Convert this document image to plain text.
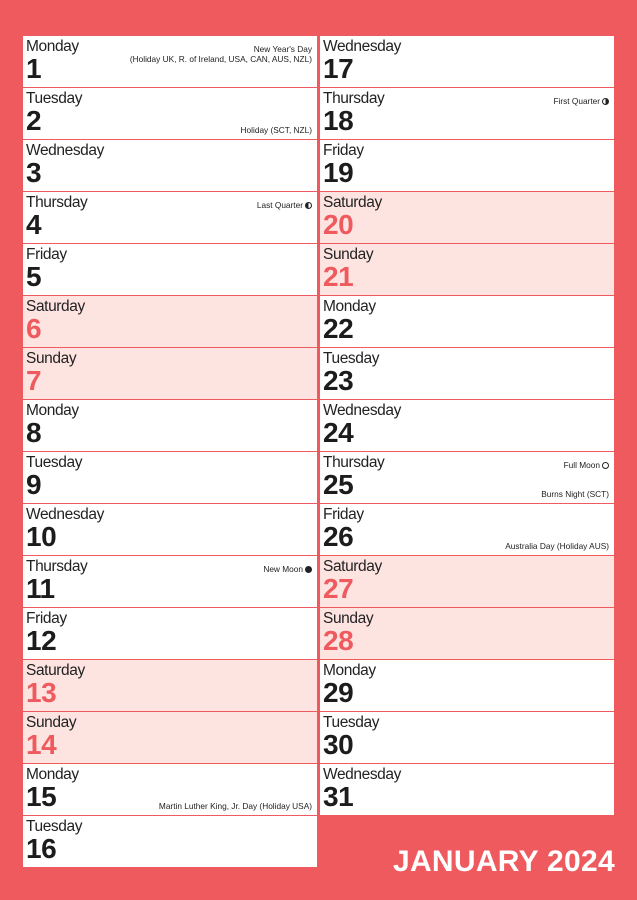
Monday
1
New Year's Day
(Holiday UK, R. of Ireland, USA, CAN, AUS, NZL)
Tuesday
2	Holiday (SCT, NZL)
Wednesday
3
Thursday
4
Last Quarter
Friday
5
Saturday
6
Sunday
7
Monday
8
Tuesday
9
Wednesday
10
Thursday
11
New Moon
Friday
12
Saturday
13
Sunday
14
Monday
15	Martin Luther King, Jr. Day (Holiday USA)
Tuesday
16
Wednesday
17
Thursday
18
First Quarter
Friday
19
Saturday
20
Sunday
21
Monday
22
Tuesday
23
Wednesday
24
Thursday
25
Full Moon
Burns Night (SCT)
Friday
26	Australia Day (Holiday AUS)
Saturday
27
Sunday
28
Monday
29
Tuesday
30
Wednesday
31
JANUARY 2024
